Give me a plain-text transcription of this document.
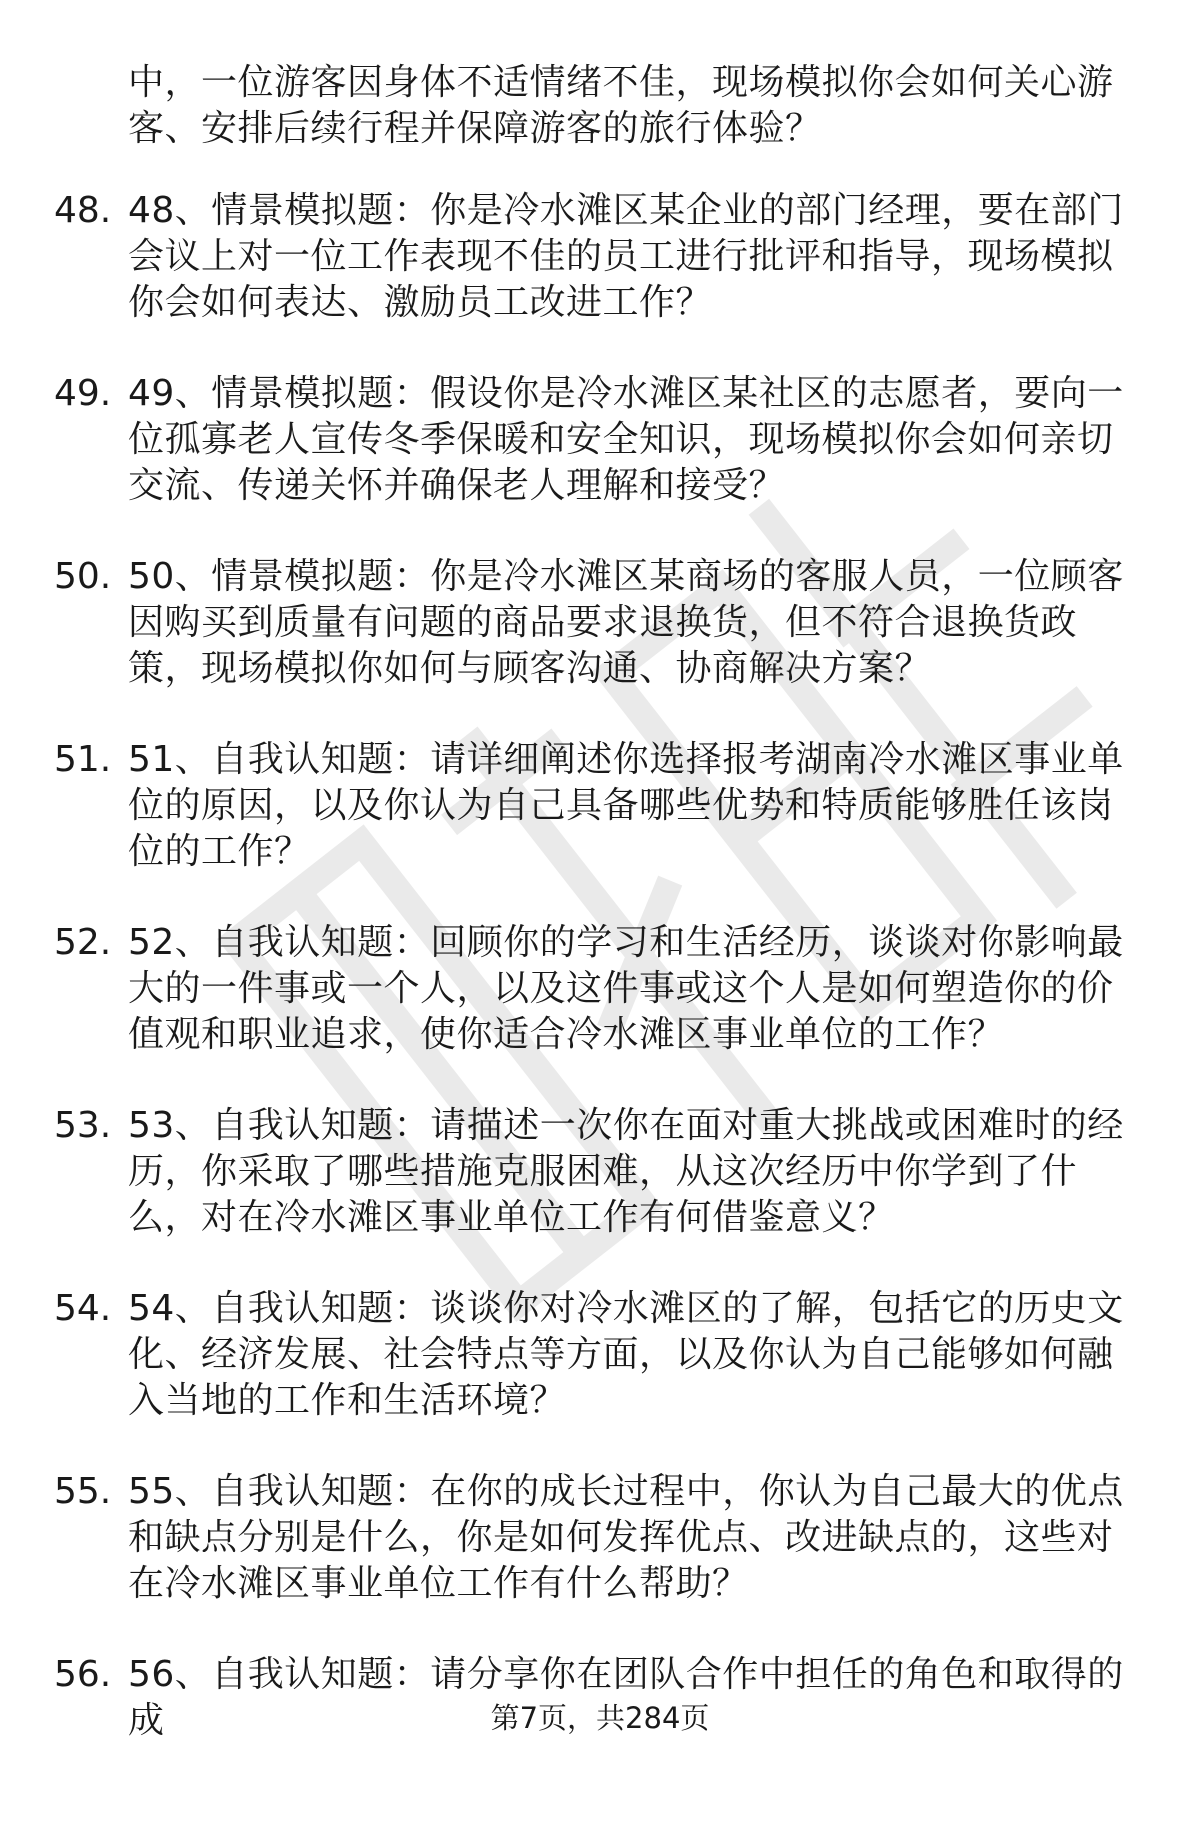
中，一位游客因身体不适情绪不佳，现场模拟你会如何关心游客、安排后续行程并保障游客的旅行体验？
48. 48、情景模拟题：你是冷水滩区某企业的部门经理，要在部门会议上对一位工作表现不佳的员工进行批评和指导，现场模拟你会如何表达、激励员工改进工作？
49. 49、情景模拟题：假设你是冷水滩区某社区的志愿者，要向一位孤寡老人宣传冬季保暖和安全知识，现场模拟你会如何亲切交流、传递关怀并确保老人理解和接受？
50. 50、情景模拟题：你是冷水滩区某商场的客服人员，一位顾客因购买到质量有问题的商品要求退换货，但不符合退换货政策，现场模拟你如何与顾客沟通、协商解决方案？
51. 51、自我认知题：请详细阐述你选择报考湖南冷水滩区事业单位的原因，以及你认为自己具备哪些优势和特质能够胜任该岗位的工作？
52. 52、自我认知题：回顾你的学习和生活经历，谈谈对你影响最大的一件事或一个人，以及这件事或这个人是如何塑造你的价值观和职业追求，使你适合冷水滩区事业单位的工作？
53. 53、自我认知题：请描述一次你在面对重大挑战或困难时的经历，你采取了哪些措施克服困难，从这次经历中你学到了什么，对在冷水滩区事业单位工作有何借鉴意义？
54. 54、自我认知题：谈谈你对冷水滩区的了解，包括它的历史文化、经济发展、社会特点等方面，以及你认为自己能够如何融入当地的工作和生活环境？
55. 55、自我认知题：在你的成长过程中，你认为自己最大的优点和缺点分别是什么，你是如何发挥优点、改进缺点的，这些对在冷水滩区事业单位工作有什么帮助？
56. 56、自我认知题：请分享你在团队合作中担任的角色和取得的成	第7页，共284页
